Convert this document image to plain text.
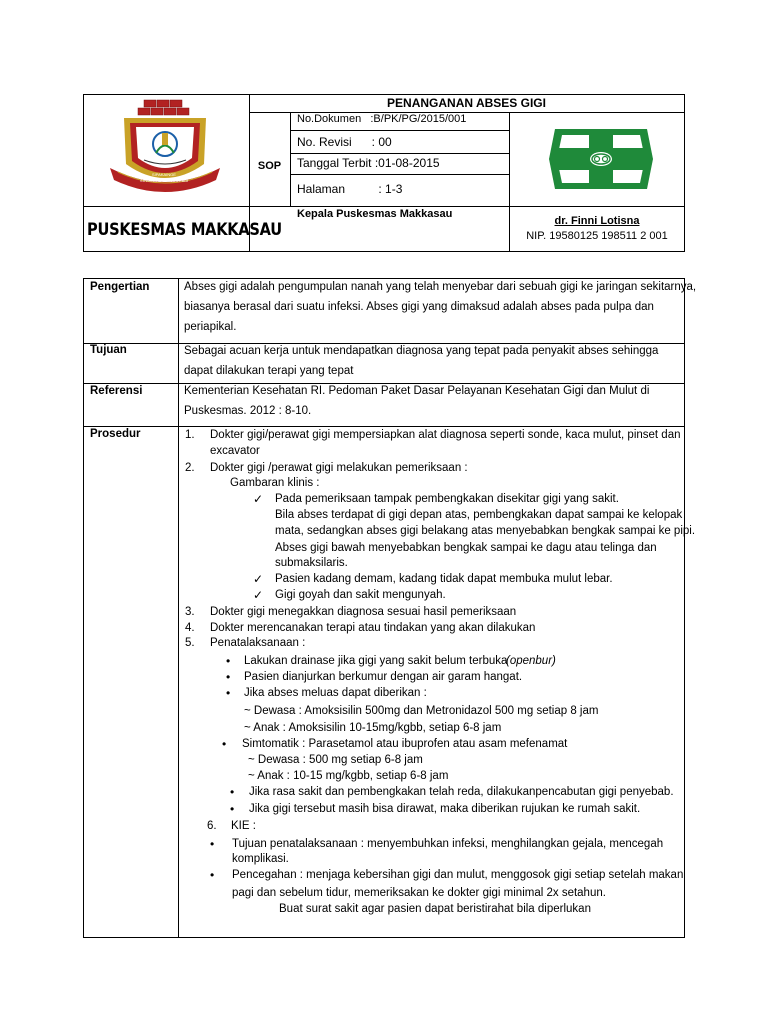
SIPAKAINGE
SIPAKATAU SIPAKALEBBI
PENANGANAN ABSES GIGI
SOP
No.Dokumen   :B/PK/PG/2015/001
No. Revisi      : 00
Tanggal Terbit :01-08-2015
Halaman          : 1-3
PUSKESMAS MAKKASAU
Kepala Puskesmas Makkasau
dr. Finni Lotisna
NIP. 19580125 198511 2 001
Pengertian	Abses gigi adalah pengumpulan nanah yang telah menyebar dari sebuah gigi ke jaringan sekitarnya,
biasanya berasal dari suatu infeksi. Abses gigi yang dimaksud adalah abses pada pulpa dan
periapikal.
Tujuan	Sebagai acuan kerja untuk mendapatkan diagnosa yang tepat pada penyakit abses sehingga
dapat dilakukan terapi yang tepat
Referensi	Kementerian Kesehatan RI. Pedoman Paket Dasar Pelayanan Kesehatan Gigi dan Mulut di
Puskesmas. 2012 : 8-10.
Prosedur	1. Dokter gigi/perawat gigi mempersiapkan alat diagnosa seperti sonde, kaca mulut, pinset dan
excavator
2. Dokter gigi /perawat gigi melakukan pemeriksaan :
Gambaran klinis :
✓ Pada pemeriksaan tampak pembengkakan disekitar gigi yang sakit.
Bila abses terdapat di gigi depan atas, pembengkakan dapat sampai ke kelopak
mata, sedangkan abses gigi belakang atas menyebabkan bengkak sampai ke pipi.
Abses gigi bawah menyebabkan bengkak sampai ke dagu atau telinga dan
submaksilaris.
✓ Pasien kadang demam, kadang tidak dapat membuka mulut lebar.
✓ Gigi goyah dan sakit mengunyah.
3. Dokter gigi menegakkan diagnosa sesuai hasil pemeriksaan
4. Dokter merencanakan terapi atau tindakan yang akan dilakukan
5. Penatalaksanaan :
• Lakukan drainase jika gigi yang sakit belum terbuka
(openbur)
• Pasien dianjurkan berkumur dengan air garam hangat.
• Jika abses meluas dapat diberikan :
~ Dewasa : Amoksisilin 500mg dan Metronidazol 500 mg setiap 8 jam
~ Anak : Amoksisilin 10-15mg/kgbb, setiap 6-8 jam
• Simtomatik : Parasetamol atau ibuprofen atau asam mefenamat
~ Dewasa : 500 mg setiap 6-8 jam
~ Anak : 10-15 mg/kgbb, setiap 6-8 jam
• Jika rasa sakit dan pembengkakan telah reda, dilakukanpencabutan gigi penyebab.
• Jika gigi tersebut masih bisa dirawat, maka diberikan rujukan ke rumah sakit.
6. KIE :
• Tujuan penatalaksanaan : menyembuhkan infeksi, menghilangkan gejala, mencegah
komplikasi.
• Pencegahan : menjaga kebersihan gigi dan mulut, menggosok gigi setiap setelah makan
pagi dan sebelum tidur, memeriksakan ke dokter gigi minimal 2x setahun.
Buat surat sakit agar pasien dapat beristirahat bila diperlukan
